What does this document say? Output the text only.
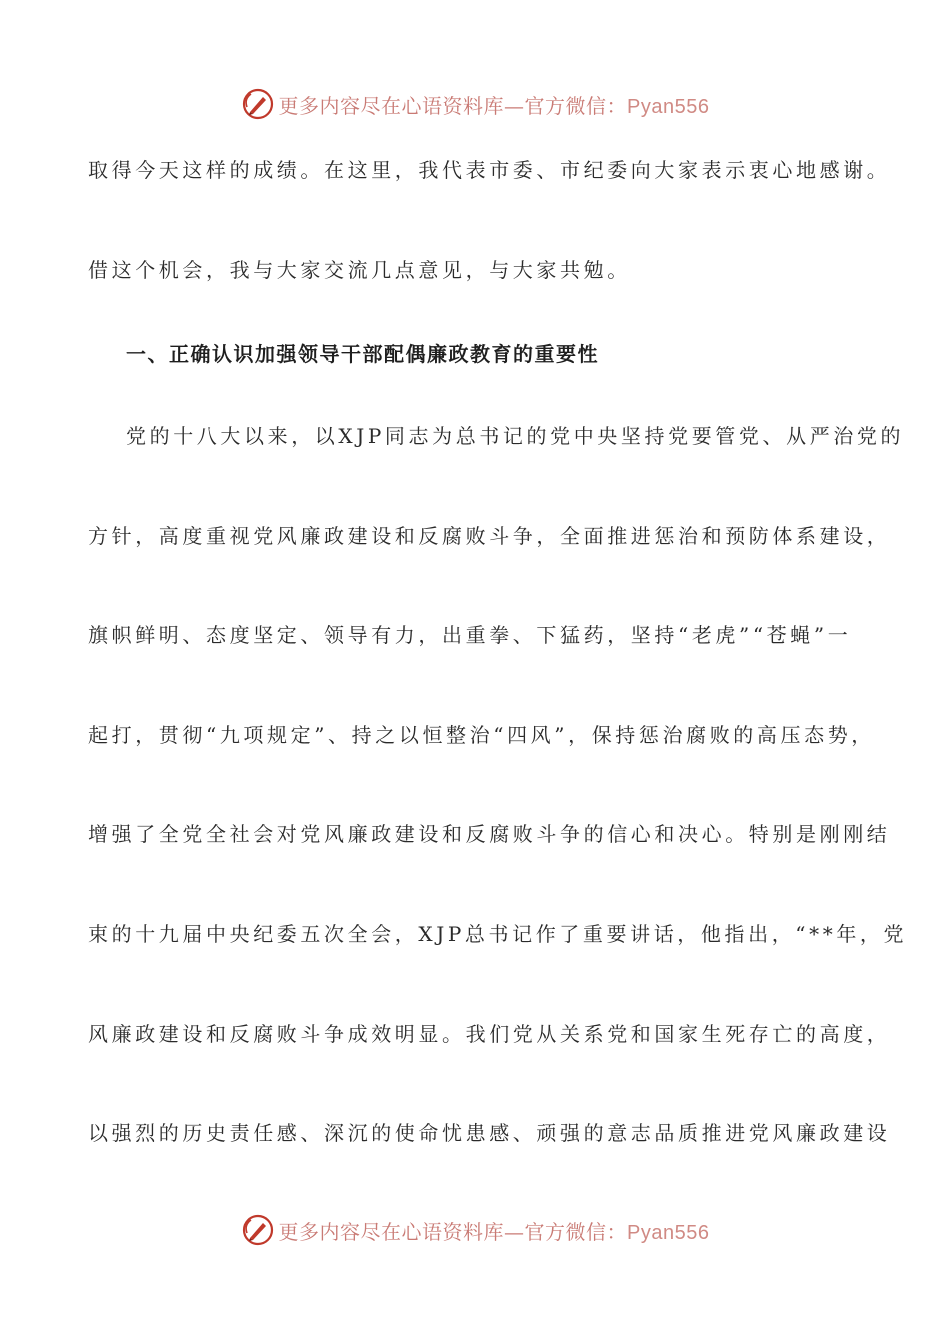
更多内容尽在心语资料库—官方微信：Pyan556
取得今天这样的成绩。在这里，我代表市委、市纪委向大家表示衷心地感谢。
借这个机会，我与大家交流几点意见，与大家共勉。
一、正确认识加强领导干部配偶廉政教育的重要性
党的十八大以来，以XJP同志为总书记的党中央坚持党要管党、从严治党的
方针，高度重视党风廉政建设和反腐败斗争，全面推进惩治和预防体系建设，
旗帜鲜明、态度坚定、领导有力，出重拳、下猛药，坚持“老虎”“苍蝇”一
起打，贯彻“九项规定”、持之以恒整治“四风”，保持惩治腐败的高压态势，
增强了全党全社会对党风廉政建设和反腐败斗争的信心和决心。特别是刚刚结
束的十九届中央纪委五次全会，XJP总书记作了重要讲话，他指出，“**年，党
风廉政建设和反腐败斗争成效明显。我们党从关系党和国家生死存亡的高度，
以强烈的历史责任感、深沉的使命忧患感、顽强的意志品质推进党风廉政建设
更多内容尽在心语资料库—官方微信：Pyan556
